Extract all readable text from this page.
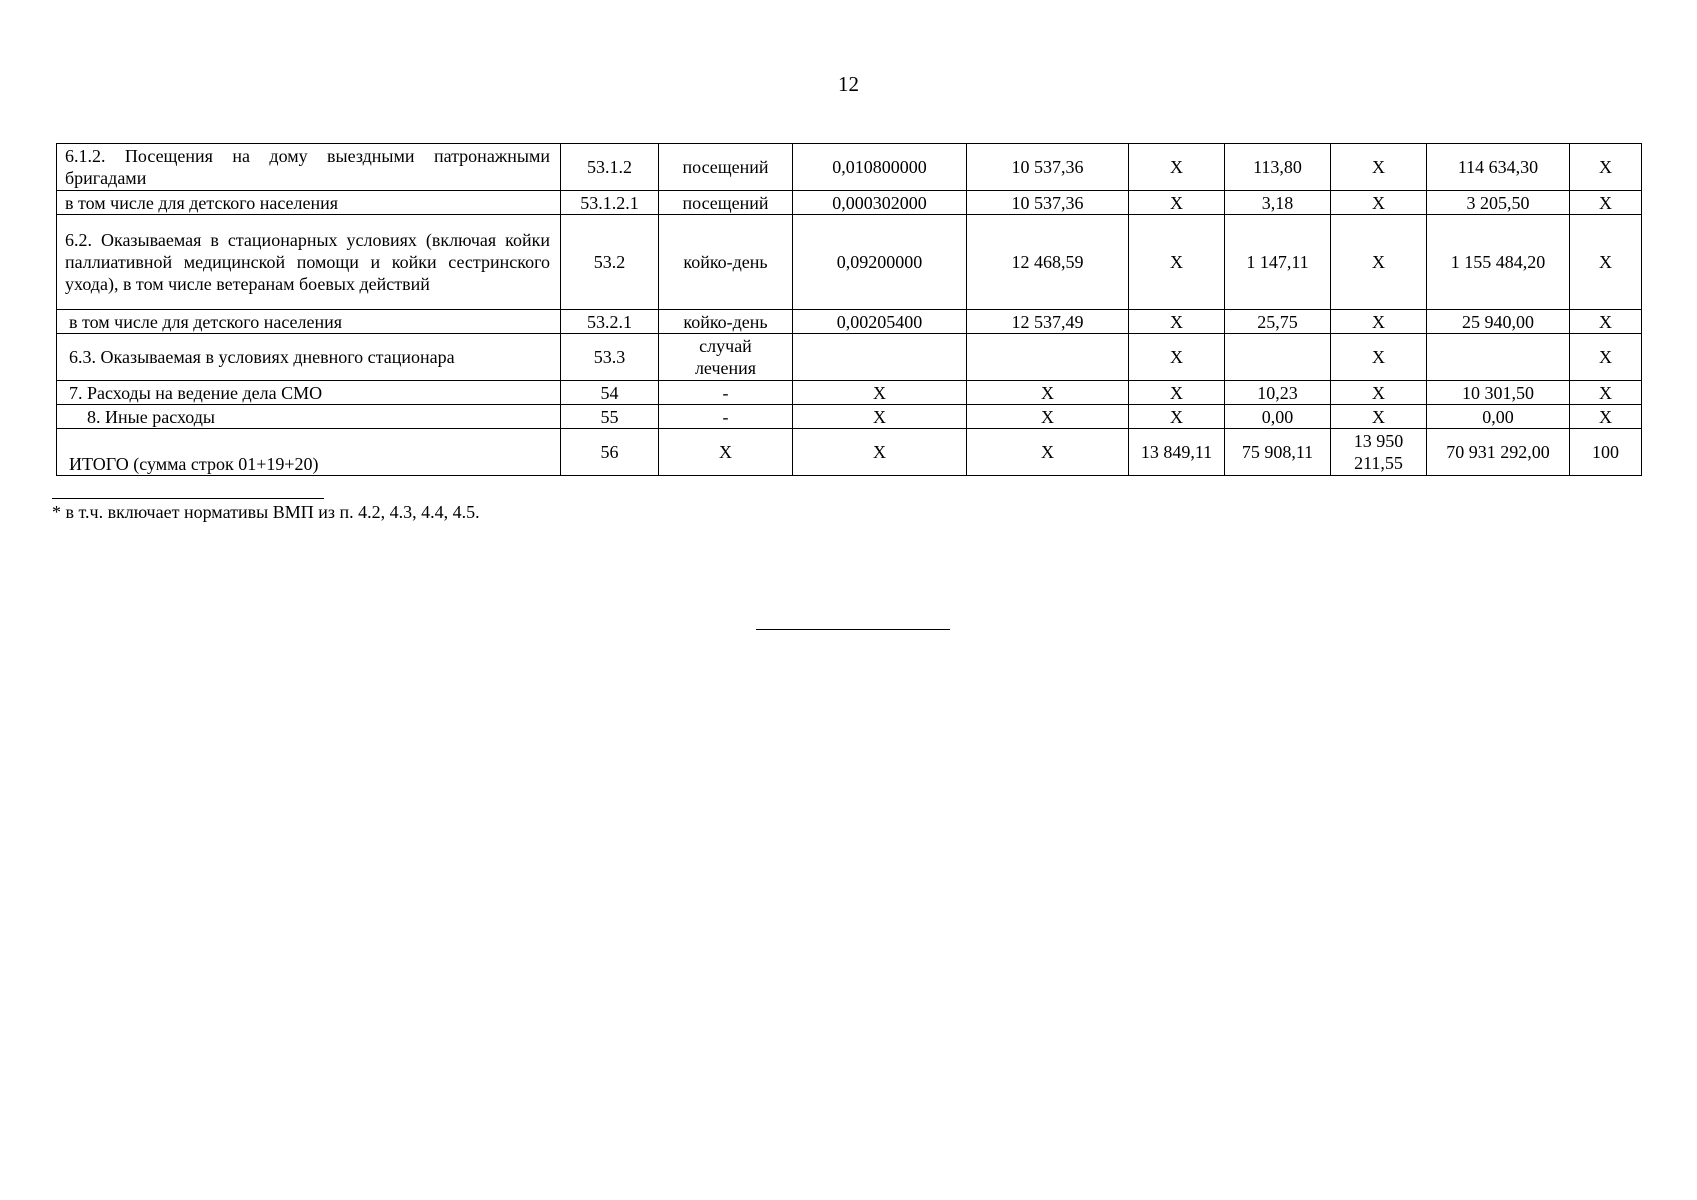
12
6.1.2. Посещения на дому выездными патронажными бригадами	53.1.2	посещений	0,010800000	10 537,36	X	113,80	X	114 634,30	X
в том числе для детского населения	53.1.2.1	посещений	0,000302000	10 537,36	X	3,18	X	3 205,50	X
6.2. Оказываемая в стационарных условиях (включая койки паллиативной медицинской помощи и койки сестринского ухода), в том числе ветеранам боевых действий	53.2	койко-день	0,09200000	12 468,59	X	1 147,11	X	1 155 484,20	X
в том числе для детского населения	53.2.1	койко-день	0,00205400	12 537,49	X	25,75	X	25 940,00	X
6.3. Оказываемая в условиях дневного стационара	53.3	случай лечения			X		X		X
7. Расходы на ведение дела СМО	54	-	X	X	X	10,23	X	10 301,50	X
8. Иные расходы	55	-	X	X	X	0,00	X	0,00	X
ИТОГО (сумма строк 01+19+20)	56	X	X	X	13 849,11	75 908,11	13 950 211,55	70 931 292,00	100
* в т.ч. включает нормативы ВМП из п. 4.2, 4.3, 4.4, 4.5.
